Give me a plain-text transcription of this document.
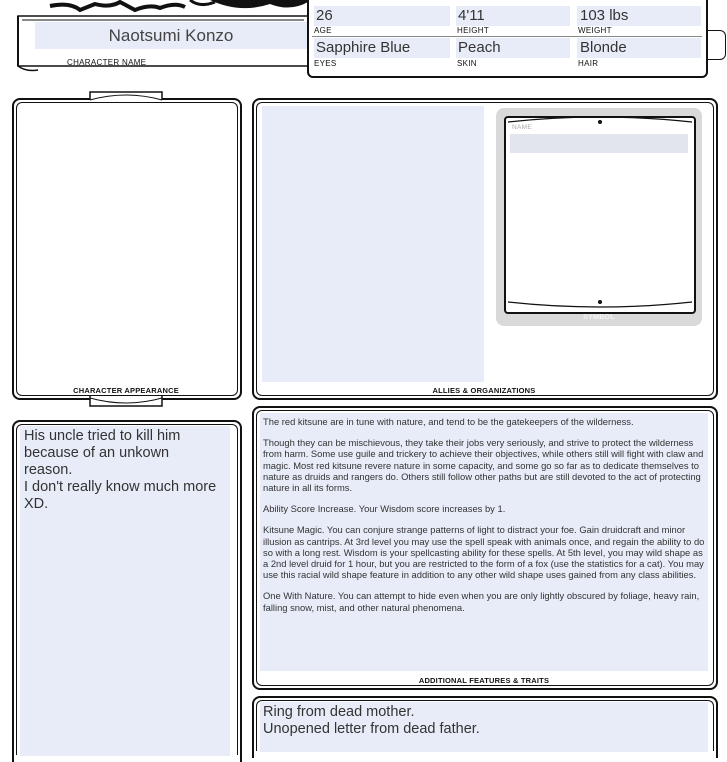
Naotsumi Konzo
CHARACTER NAME
26
AGE
4'11
HEIGHT
103 lbs
WEIGHT
Sapphire Blue
EYES
Peach
SKIN
Blonde
HAIR
CHARACTER APPEARANCE
NAME
SYMBOL
ALLIES & ORGANIZATIONS
His uncle tried to kill him
because of an unkown
reason.
I don't really know much more
XD.

The red kitsune are in tune with nature, and tend to be the gatekeepers of the wilderness.

Though they can be mischievous, they take their jobs very seriously, and strive to protect the wilderness from harm. Some use guile and trickery to achieve their objectives, while others still will fight with claw and magic. Most red kitsune revere nature in some capacity, and some go so far as to dedicate themselves to nature as druids and rangers do. Others still follow other paths but are still devoted to the act of protecting nature in all its forms.

Ability Score Increase. Your Wisdom score increases by 1.

Kitsune Magic. You can conjure strange patterns of light to distract your foe. Gain druidcraft and minor illusion as cantrips. At 3rd level you may use the spell speak with animals once, and regain the ability to do so with a long rest. Wisdom is your spellcasting ability for these spells. At 5th level, you may wild shape as a 2nd level druid for 1 hour, but you are restricted to the form of a fox (use the statistics for a cat). You may use this racial wild shape feature in addition to any other wild shape uses gained from any class abilities.

One With Nature. You can attempt to hide even when you are only lightly obscured by foliage, heavy rain, falling snow, mist, and other natural phenomena.

ADDITIONAL FEATURES & TRAITS
Ring from dead mother.
Unopened letter from dead father.
